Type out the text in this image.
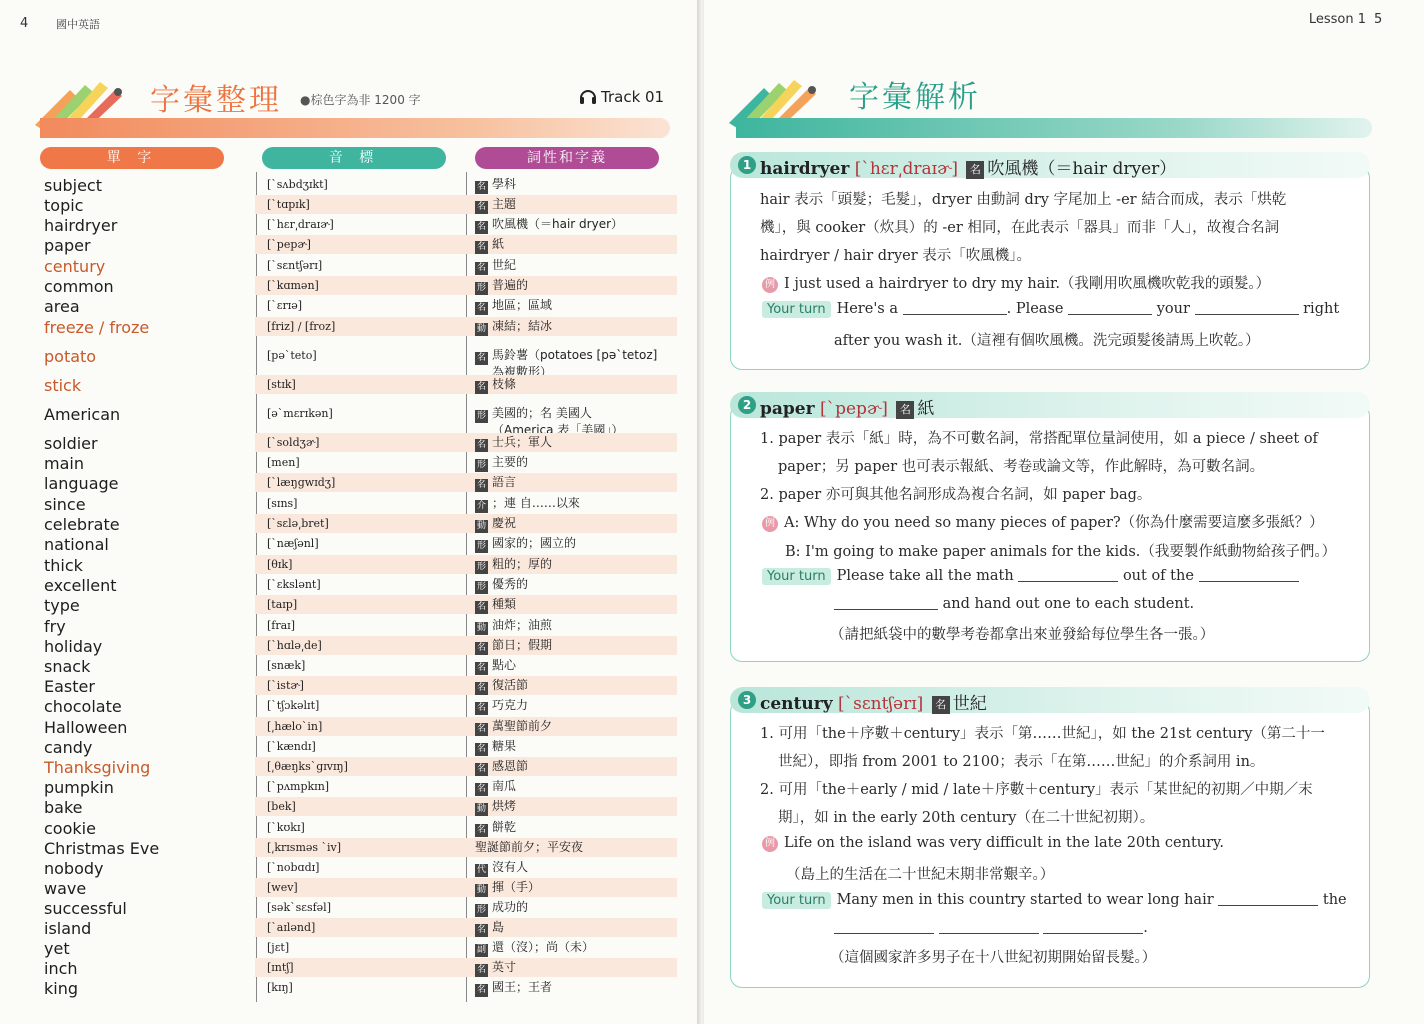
4	國中英語
字彙整理 ●棕色字為非 1200 字	Track 01
單 字	音 標	詞性和字義
subject	[ˋsʌbdʒɪkt]	名 學科
topic	[ˋtɑpɪk]	名 主題
hairdryer	[ˋhɛr͵draɪɚ]	名 吹風機（＝hair dryer）
paper	[ˋpepɚ]	名 紙
century	[ˋsɛntʃərɪ]	名 世紀
common	[ˋkɑmən]	形 普遍的
area	[ˋɛrɪə]	名 地區；區域
freeze / froze	[friz] / [froz]	動 凍結；結冰
potato	[pəˋteto]	名 馬鈴薯（potatoes [pəˋtetoz]
為複數形）
stick	[stɪk]	名 枝條
American	[əˋmɛrɪkən]	形 美國的；名 美國人
（America 表「美國」）
soldier	[ˋsoldʒɚ]	名 士兵；軍人
main	[men]	形 主要的
language	[ˋlæŋgwɪdʒ]	名 語言
since	[sɪns]	介 ；連 自……以來
celebrate	[ˋsɛlə͵bret]	動 慶祝
national	[ˋnæʃənl]	形 國家的；國立的
thick	[θɪk]	形 粗的；厚的
excellent	[ˋɛkslənt]	形 優秀的
type	[taɪp]	名 種類
fry	[fraɪ]	動 油炸；油煎
holiday	[ˋhɑlə͵de]	名 節日；假期
snack	[snæk]	名 點心
Easter	[ˋistɚ]	名 復活節
chocolate	[ˋtʃɔkəlɪt]	名 巧克力
Halloween	[͵hæloˋin]	名 萬聖節前夕
candy	[ˋkændɪ]	名 糖果
Thanksgiving	[͵θæŋksˋgɪvɪŋ]	名 感恩節
pumpkin	[ˋpʌmpkɪn]	名 南瓜
bake	[bek]	動 烘烤
cookie	[ˋkʊkɪ]	名 餅乾
Christmas Eve	[͵krɪsməs ˋiv]	聖誕節前夕；平安夜
nobody	[ˋnobɑdɪ]	代 沒有人
wave	[wev]	動 揮（手）
successful	[səkˋsɛsfəl]	形 成功的
island	[ˋaɪlənd]	名 島
yet	[jɛt]	副 還（沒）；尚（未）
inch	[ɪntʃ]	名 英寸
king	[kɪŋ]	名 國王；王者
Lesson 1 5
字彙解析
1 hairdryer [ˋhɛr͵draɪɚ] 名 吹風機（＝hair dryer）
hair 表示「頭髮；毛髮」，dryer 由動詞 dry 字尾加上 -er 結合而成，表示「烘乾
機」，與 cooker（炊具）的 -er 相同，在此表示「器具」而非「人」，故複合名詞
hairdryer / hair dryer 表示「吹風機」。
例 I just used a hairdryer to dry my hair.（我剛用吹風機吹乾我的頭髮。）
Your turn Here's a	. Please	your	right
after you wash it.（這裡有個吹風機。洗完頭髮後請馬上吹乾。）
2 paper [ˋpepɚ] 名 紙
1. paper 表示「紙」時，為不可數名詞，常搭配單位量詞使用，如 a piece / sheet of
paper；另 paper 也可表示報紙、考卷或論文等，作此解時，為可數名詞。
2. paper 亦可與其他名詞形成為複合名詞，如 paper bag。
例 A: Why do you need so many pieces of paper?（你為什麼需要這麼多張紙？）
B: I'm going to make paper animals for the kids.（我要製作紙動物給孩子們。）
Your turn Please take all the math	out of the
and hand out one to each student.
（請把紙袋中的數學考卷都拿出來並發給每位學生各一張。）
3 century [ˋsɛntʃərɪ] 名 世紀
1. 可用「the＋序數＋century」表示「第……世紀」，如 the 21st century（第二十一
世紀），即指 from 2001 to 2100；表示「在第……世紀」的介系詞用 in。
2. 可用「the＋early / mid / late＋序數＋century」表示「某世紀的初期／中期／末
期」，如 in the early 20th century（在二十世紀初期）。
例 Life on the island was very difficult in the late 20th century.
（島上的生活在二十世紀末期非常艱辛。）
Your turn Many men in this country started to wear long hair	the
.
（這個國家許多男子在十八世紀初期開始留長髮。）
